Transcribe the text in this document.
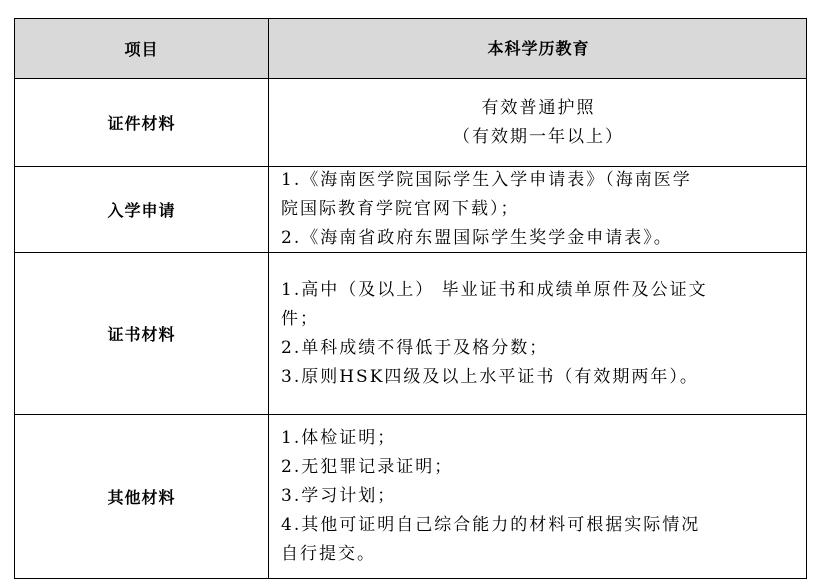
项目	本科学历教育
证件材料
有效普通护照
（有效期一年以上）
入学申请
1.《海南医学院国际学生入学申请表》（海南医学
院国际教育学院官网下载）；
2.《海南省政府东盟国际学生奖学金申请表》。
证书材料
1.高中（及以上） 毕业证书和成绩单原件及公证文
件；
2.单科成绩不得低于及格分数；
3.原则HSK四级及以上水平证书（有效期两年）。
其他材料
1.体检证明；
2.无犯罪记录证明；
3.学习计划；
4.其他可证明自己综合能力的材料可根据实际情况
自行提交。
